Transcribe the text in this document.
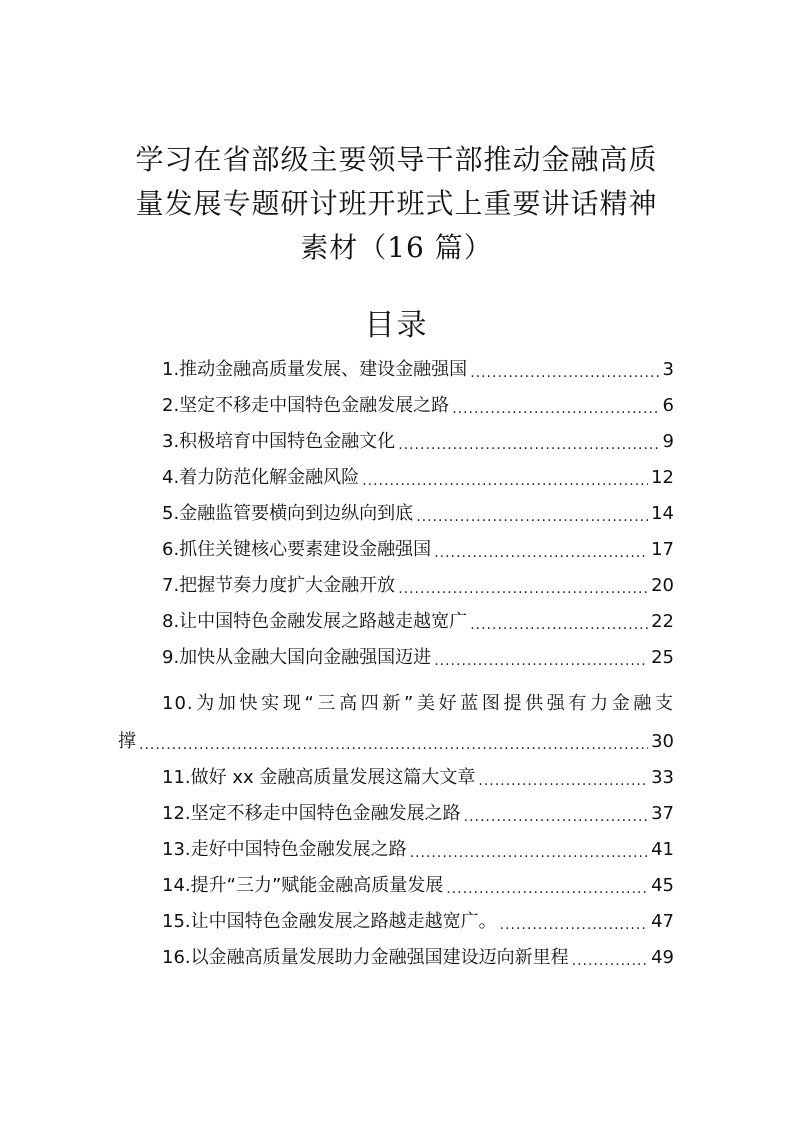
学习在省部级主要领导干部推动金融高质
量发展专题研讨班开班式上重要讲话精神
素材（16 篇）
目录
1.推动金融高质量发展、建设金融强国 .....	3
2.坚定不移走中国特色金融发展之路 .....	6
3.积极培育中国特色金融文化 .....	9
4.着力防范化解金融风险 .....	12
5.金融监管要横向到边纵向到底 .....	14
6.抓住关键核心要素建设金融强国 .....	17
7.把握节奏力度扩大金融开放 .....	20
8.让中国特色金融发展之路越走越宽广 .....	22
9.加快从金融大国向金融强国迈进 .....	25
10.为加快实现“三高四新”美好蓝图提供强有力金融支
撑 .....	30
11.做好 xx 金融高质量发展这篇大文章 .....	33
12.坚定不移走中国特色金融发展之路 .....	37
13.走好中国特色金融发展之路 .....	41
14.提升“三力”赋能金融高质量发展 .....	45
15.让中国特色金融发展之路越走越宽广。 .....	47
16.以金融高质量发展助力金融强国建设迈向新里程 .....	49
